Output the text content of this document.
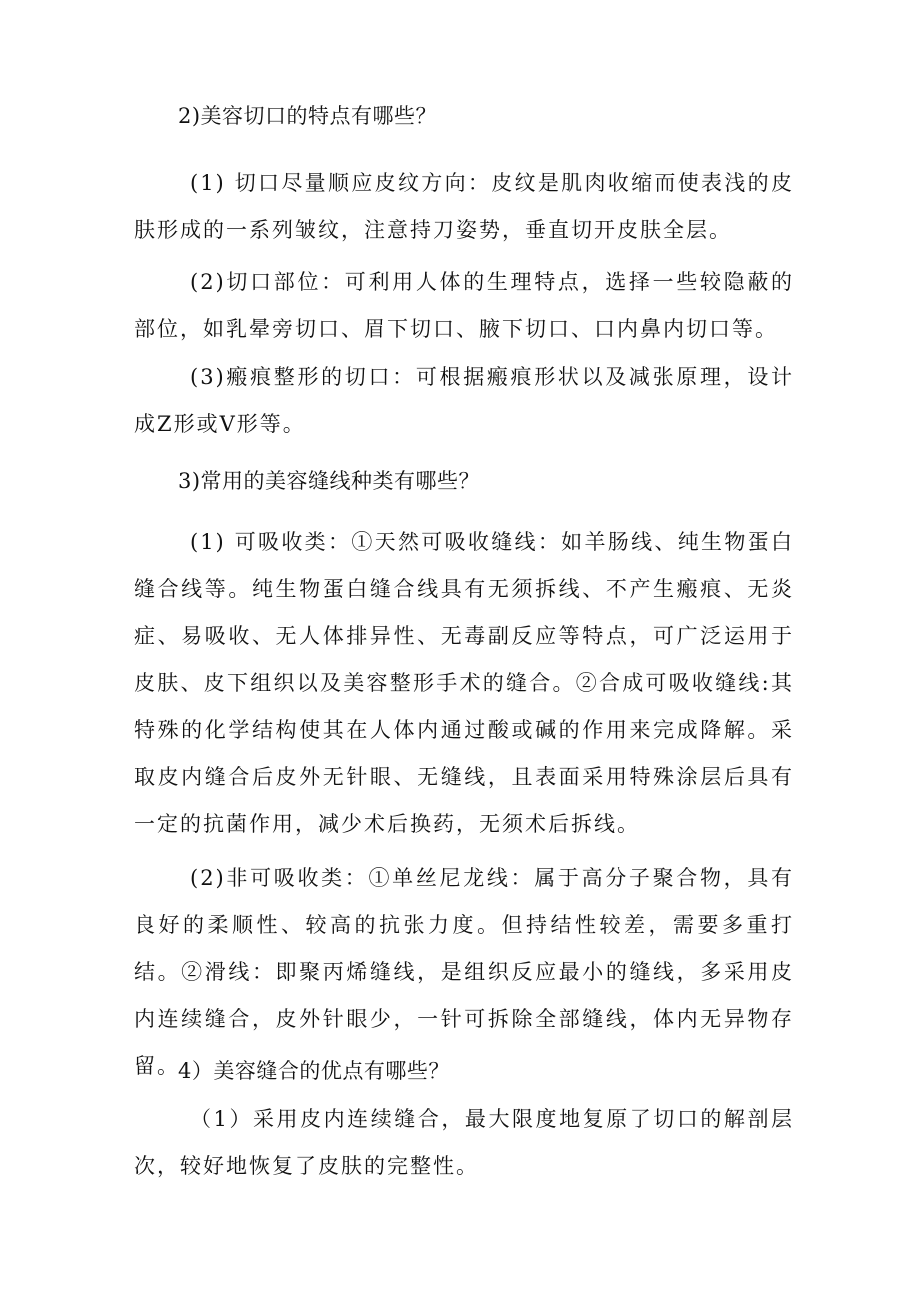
2)美容切口的特点有哪些？
(1) 切口尽量顺应皮纹方向：皮纹是肌肉收缩而使表浅的皮肤形成的一系列皱纹，注意持刀姿势，垂直切开皮肤全层。
(2)切口部位：可利用人体的生理特点，选择一些较隐蔽的部位，如乳晕旁切口、眉下切口、腋下切口、口内鼻内切口等。
(3)瘢痕整形的切口：可根据瘢痕形状以及减张原理，设计成Z形或V形等。
3)常用的美容缝线种类有哪些？
(1) 可吸收类：①天然可吸收缝线：如羊肠线、纯生物蛋白缝合线等。纯生物蛋白缝合线具有无须拆线、不产生瘢痕、无炎症、易吸收、无人体排异性、无毒副反应等特点，可广泛运用于皮肤、皮下组织以及美容整形手术的缝合。②合成可吸收缝线:其特殊的化学结构使其在人体内通过酸或碱的作用来完成降解。采取皮内缝合后皮外无针眼、无缝线，且表面采用特殊涂层后具有一定的抗菌作用，减少术后换药，无须术后拆线。
(2)非可吸收类：①单丝尼龙线：属于高分子聚合物，具有良好的柔顺性、较高的抗张力度。但持结性较差，需要多重打结。②滑线：即聚丙烯缝线，是组织反应最小的缝线，多采用皮内连续缝合，皮外针眼少，一针可拆除全部缝线，体内无异物存留。
4）美容缝合的优点有哪些？
（1）采用皮内连续缝合，最大限度地复原了切口的解剖层次，较好地恢复了皮肤的完整性。
